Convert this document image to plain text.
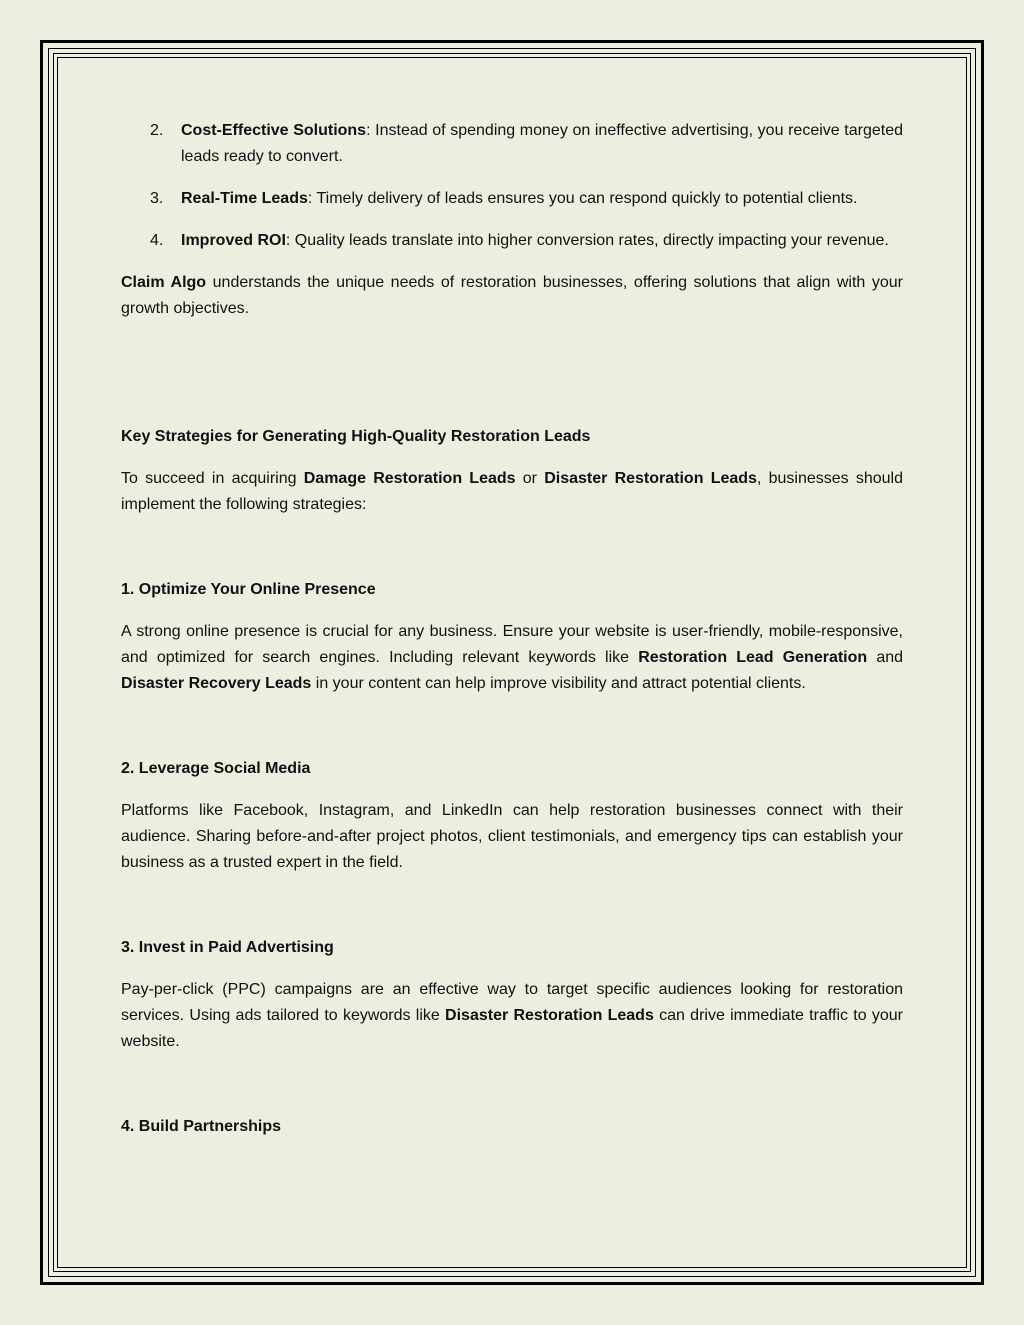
2. Cost-Effective Solutions: Instead of spending money on ineffective advertising, you receive targeted leads ready to convert.
3. Real-Time Leads: Timely delivery of leads ensures you can respond quickly to potential clients.
4. Improved ROI: Quality leads translate into higher conversion rates, directly impacting your revenue.

Claim Algo understands the unique needs of restoration businesses, offering solutions that align with your growth objectives.

Key Strategies for Generating High-Quality Restoration Leads

To succeed in acquiring Damage Restoration Leads or Disaster Restoration Leads, businesses should implement the following strategies:

1. Optimize Your Online Presence

A strong online presence is crucial for any business. Ensure your website is user-friendly, mobile-responsive, and optimized for search engines. Including relevant keywords like Restoration Lead Generation and Disaster Recovery Leads in your content can help improve visibility and attract potential clients.

2. Leverage Social Media

Platforms like Facebook, Instagram, and LinkedIn can help restoration businesses connect with their audience. Sharing before-and-after project photos, client testimonials, and emergency tips can establish your business as a trusted expert in the field.

3. Invest in Paid Advertising

Pay-per-click (PPC) campaigns are an effective way to target specific audiences looking for restoration services. Using ads tailored to keywords like Disaster Restoration Leads can drive immediate traffic to your website.

4. Build Partnerships
